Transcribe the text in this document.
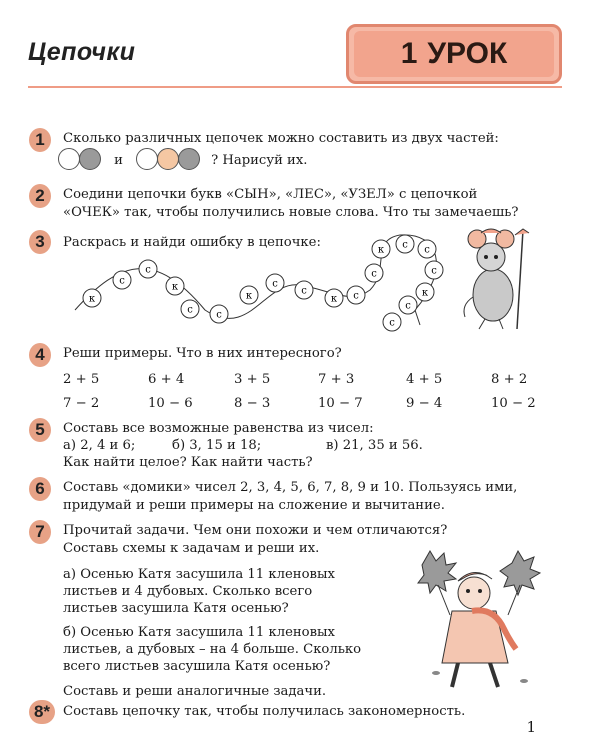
Цепочки	1 УРОК
1	Сколько различных цепочек можно составить из двух частей:
и	? Нарисуй их.
2	Соедини цепочки букв «СЫН», «ЛЕС», «УЗЕЛ» с цепочкой
«ОЧЕК» так, чтобы получились новые слова. Что ты замечаешь?
3	Раскрась и найди ошибку в цепочке:
к
с
с
к
с с
к
с
с
к с
с
к с с
с
к
с
с
4	Реши примеры. Что в них интересного?
2 + 5	6 + 4	3 + 5	7 + 3	4 + 5	8 + 2
7 − 2	10 − 6	8 − 3	10 − 7	9 − 4	10 − 2
5	Составь все возможные равенства из чисел:
а) 2, 4 и 6;	б) 3, 15 и 18;	в) 21, 35 и 56.
Как найти целое? Как найти часть?
6	Составь «домики» чисел 2, 3, 4, 5, 6, 7, 8, 9 и 10. Пользуясь ими,
придумай и реши примеры на сложение и вычитание.
7	Прочитай задачи. Чем они похожи и чем отличаются?
Составь схемы к задачам и реши их.
а) Осенью Катя засушила 11 кленовых
листьев и 4 дубовых. Сколько всего
листьев засушила Катя осенью?
б) Осенью Катя засушила 11 кленовых
листьев, а дубовых – на 4 больше. Сколько
всего листьев засушила Катя осенью?
Составь и реши аналогичные задачи.
8* Составь цепочку так, чтобы получилась закономерность.
1
